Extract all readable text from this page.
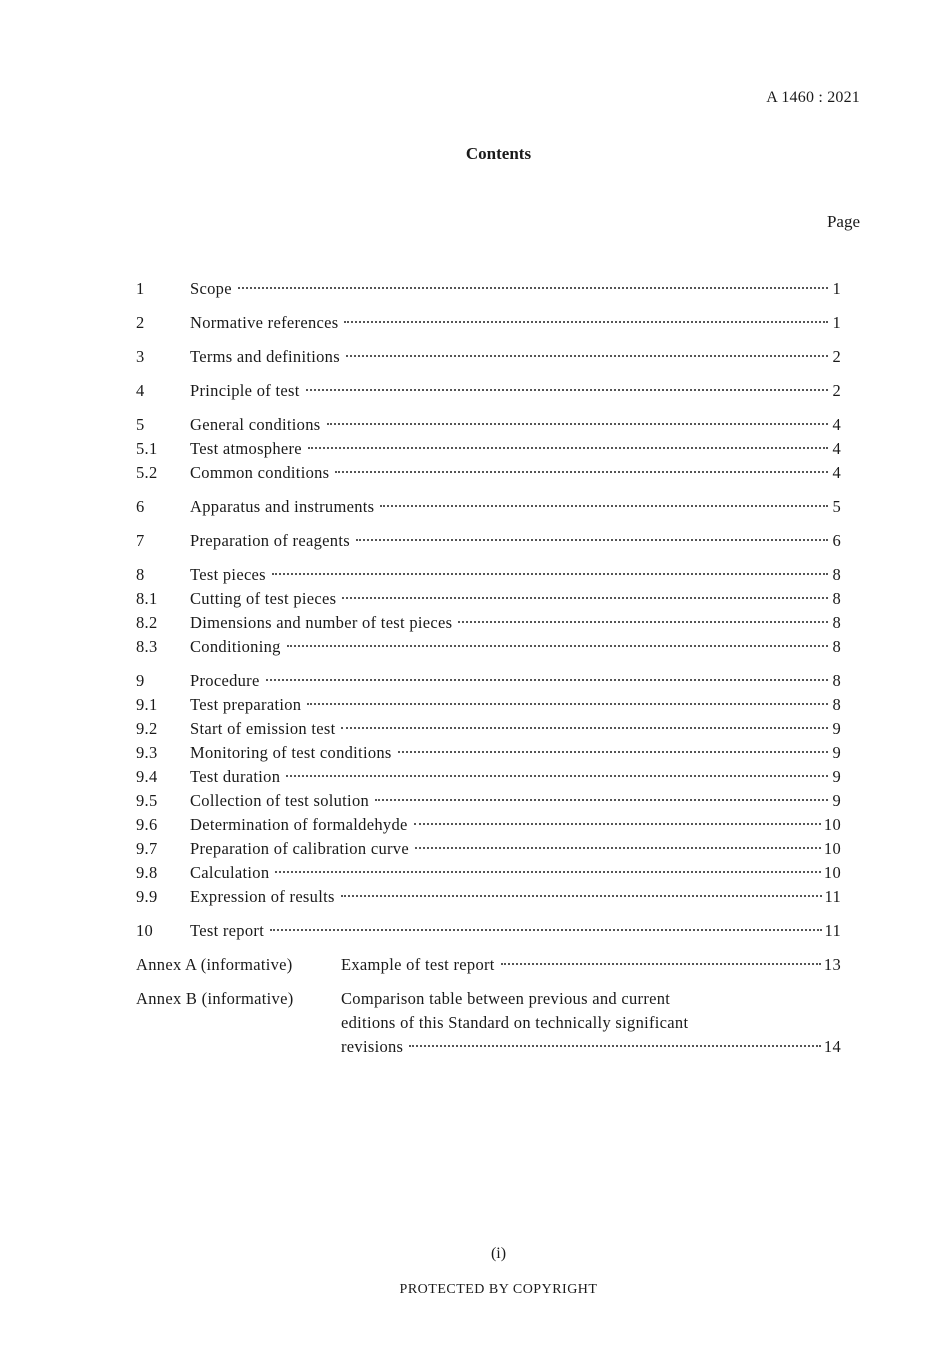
A 1460 : 2021
Contents
Page
1	Scope	1
2	Normative references	1
3	Terms and definitions	2
4	Principle of test	2
5	General conditions	4
5.1	Test atmosphere	4
5.2	Common conditions	4
6	Apparatus and instruments	5
7	Preparation of reagents	6
8	Test pieces	8
8.1	Cutting of test pieces	8
8.2	Dimensions and number of test pieces	8
8.3	Conditioning	8
9	Procedure	8
9.1	Test preparation	8
9.2	Start of emission test	9
9.3	Monitoring of test conditions	9
9.4	Test duration	9
9.5	Collection of test solution	9
9.6	Determination of formaldehyde	10
9.7	Preparation of calibration curve	10
9.8	Calculation	10
9.9	Expression of results	11
10	Test report	11
Annex A (informative)	Example of test report	13
Annex B (informative)	Comparison table between previous and current
editions of this Standard on technically significant
revisions	14
(i)
PROTECTED BY COPYRIGHT
